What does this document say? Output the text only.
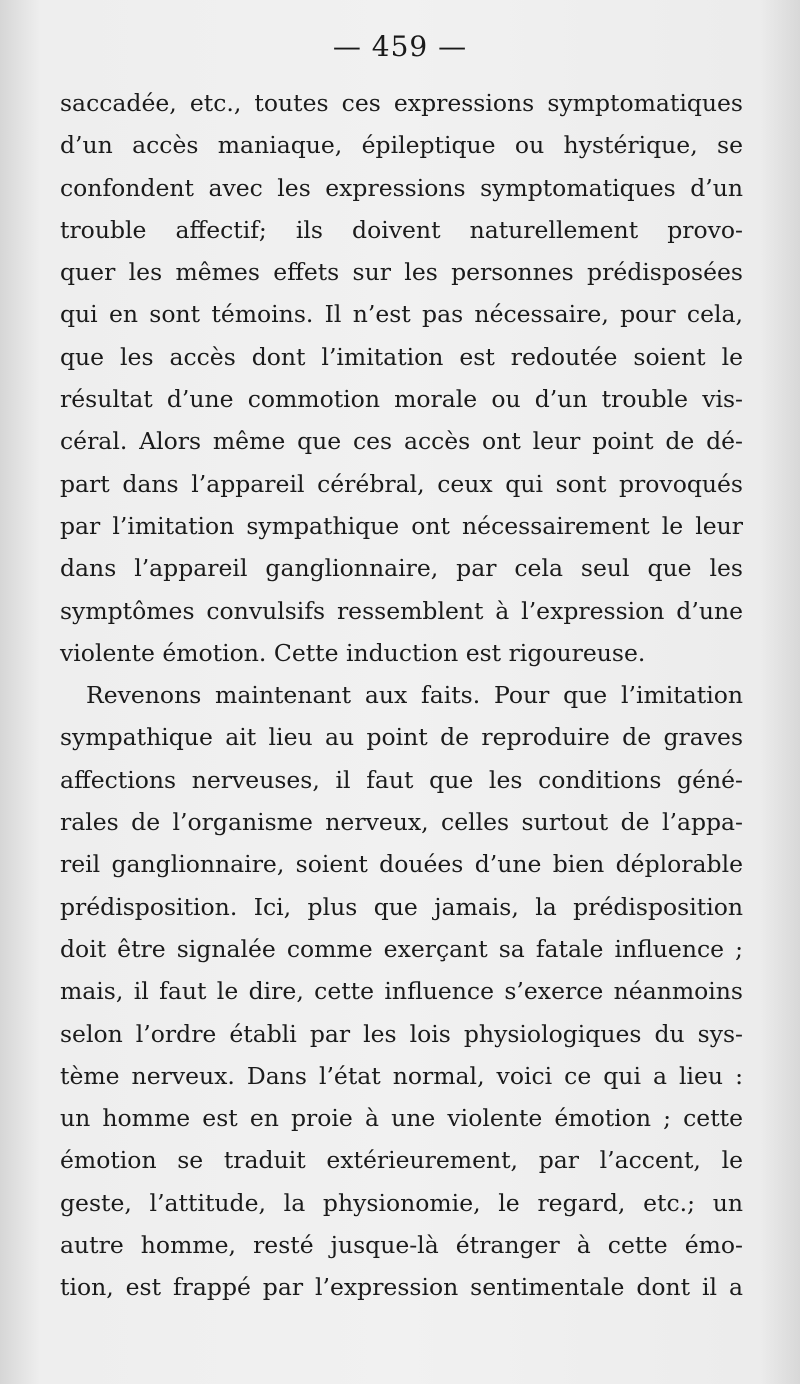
— 459 —
saccadée, etc., toutes ces expressions symptomatiques
d’un accès maniaque, épileptique ou hystérique, se
confondent avec les expressions symptomatiques d’un
trouble affectif; ils doivent naturellement provo-
quer les mêmes effets sur les personnes prédisposées
qui en sont témoins. Il n’est pas nécessaire, pour cela,
que les accès dont l’imitation est redoutée soient le
résultat d’une commotion morale ou d’un trouble vis-
céral. Alors même que ces accès ont leur point de dé-
part dans l’appareil cérébral, ceux qui sont provoqués
par l’imitation sympathique ont nécessairement le leur
dans l’appareil ganglionnaire, par cela seul que les
symptômes convulsifs ressemblent à l’expression d’une
violente émotion. Cette induction est rigoureuse.
Revenons maintenant aux faits. Pour que l’imitation
sympathique ait lieu au point de reproduire de graves
affections nerveuses, il faut que les conditions géné-
rales de l’organisme nerveux, celles surtout de l’appa-
reil ganglionnaire, soient douées d’une bien déplorable
prédisposition. Ici, plus que jamais, la prédisposition
doit être signalée comme exerçant sa fatale influence ;
mais, il faut le dire, cette influence s’exerce néanmoins
selon l’ordre établi par les lois physiologiques du sys-
tème nerveux. Dans l’état normal, voici ce qui a lieu :
un homme est en proie à une violente émotion ; cette
émotion se traduit extérieurement, par l’accent, le
geste, l’attitude, la physionomie, le regard, etc.; un
autre homme, resté jusque-là étranger à cette émo-
tion, est frappé par l’expression sentimentale dont il a
